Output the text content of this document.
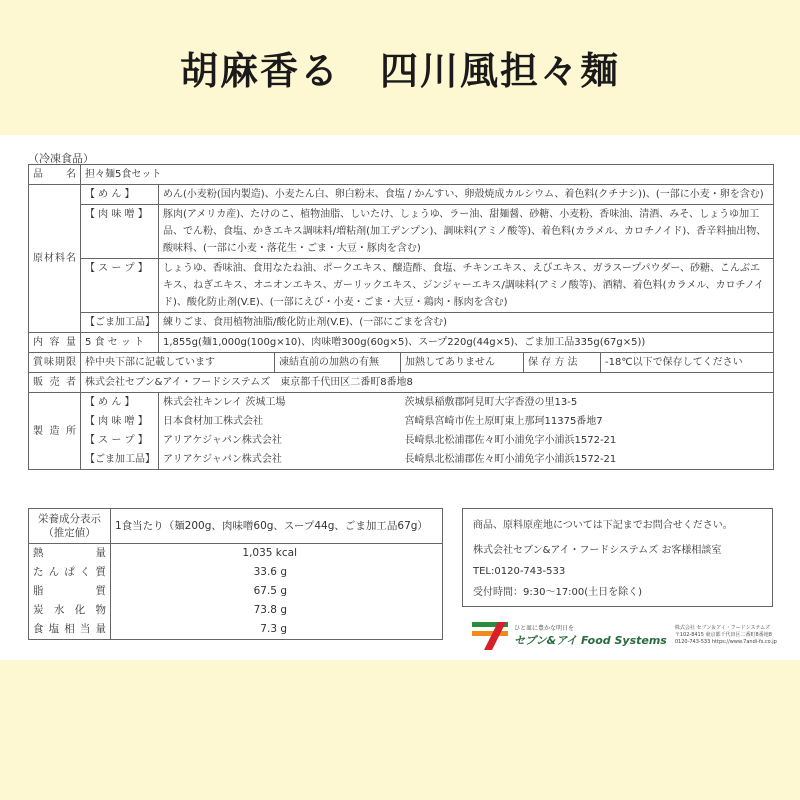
胡麻香る　四川風担々麺
（冷凍食品）
品　名	担々麺5食セット					
原材料名	【 め ん 】	めん(小麦粉(国内製造)、小麦たん白、卵白粉末、食塩 / かんすい、卵殻焼成カルシウム、着色料(クチナシ))、(一部に小麦・卵を含む)				
	【 肉 味 噌 】	豚肉(アメリカ産)、たけのこ、植物油脂、しいたけ、しょうゆ、ラー油、甜麺醤、砂糖、小麦粉、香味油、清酒、みそ、しょうゆ加工品、でん粉、食塩、かきエキス調味料/増粘剤(加工デンプン)、調味料(アミノ酸等)、着色料(カラメル、カロチノイド)、香辛料抽出物、酸味料、(一部に小麦・落花生・ごま・大豆・豚肉を含む)				
	【 ス ー プ 】	しょうゆ、香味油、食用なたね油、ポークエキス、醸造酢、食塩、チキンエキス、えびエキス、ガラスープパウダー、砂糖、こんぶエキス、ねぎエキス、オニオンエキス、ガーリックエキス、ジンジャーエキス/調味料(アミノ酸等)、酒精、着色料(カラメル、カロチノイド)、酸化防止剤(V.E)、(一部にえび・小麦・ごま・大豆・鶏肉・豚肉を含む)				
	【ごま加工品】	練りごま、食用植物油脂/酸化防止剤(V.E)、(一部にごまを含む)				
内 容 量	5 食 セ ッ ト	1,855g(麺1,000g(100g×10)、肉味噌300g(60g×5)、スープ220g(44g×5)、ごま加工品335g(67g×5))				
賞味期限	枠中央下部に記載しています		凍結直前の加熱の有無	加熱してありません	保 存 方 法	-18℃以下で保存してください
販 売 者	株式会社セブン&アイ・フードシステムズ　東京都千代田区二番町8番地8					
製 造 所	【 め ん 】	株式会社キンレイ 茨城工場		茨城県稲敷郡阿見町大字香澄の里13-5		
	【 肉 味 噌 】	日本食材加工株式会社		宮崎県宮崎市佐土原町東上那珂11375番地7		
	【 ス ー プ 】	アリアケジャパン株式会社		長崎県北松浦郡佐々町小浦免字小浦浜1572-21		
	【ごま加工品】	アリアケジャパン株式会社		長崎県北松浦郡佐々町小浦免字小浦浜1572-21		
栄養成分表示
（推定値）	1食当たり（麺200g、肉味噌60g、スープ44g、ごま加工品67g）
熱　　量	1,035 kcal
たんぱく質	33.6 g
脂　　質	67.5 g
炭水化物	73.8 g
食塩相当量	7.3 g
商品、原料原産地については下記までお問合せください。
株式会社セブン&アイ・フードシステムズ お客様相談室
TEL:0120-743-533
受付時間：9:30～17:00(土日を除く)
ひと皿に豊かな明日を
セブン&アイ Food Systems
株式会社 セブン＆アイ・フードシステムズ
〒102-8415 東京都千代田区二番町8番地8
0120-743-533 https://www.7andi-fs.co.jp
